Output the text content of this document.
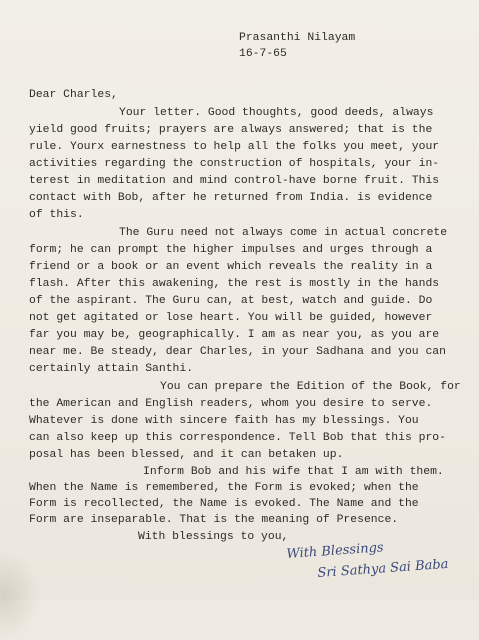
Prasanthi Nilayam
16-7-65
Dear Charles,
Your letter. Good thoughts, good deeds, always
yield good fruits; prayers are always answered; that is the
rule. Yourx earnestness to help all the folks you meet, your
activities regarding the construction of hospitals, your in-
terest in meditation and mind control-have borne fruit. This
contact with Bob, after he returned from India. is evidence
of this.
The Guru need not always come in actual concrete
form; he can prompt the higher impulses and urges through a
friend or a book or an event which reveals the reality in a
flash. After this awakening, the rest is mostly in the hands
of the aspirant. The Guru can, at best, watch and guide. Do
not get agitated or lose heart. You will be guided, however
far you may be, geographically. I am as near you, as you are
near me. Be steady, dear Charles, in your Sadhana and you can
certainly attain Santhi.
You can prepare the Edition of the Book, for
the American and English readers, whom you desire to serve.
Whatever is done with sincere faith has my blessings. You
can also keep up this correspondence. Tell Bob that this pro-
posal has been blessed, and it can betaken up.
Inform Bob and his wife that I am with them.
When the Name is remembered, the Form is evoked; when the
Form is recollected, the Name is evoked. The Name and the
Form are inseparable. That is the meaning of Presence.
With blessings to you,
With Blessings
Sri Sathya Sai Baba
